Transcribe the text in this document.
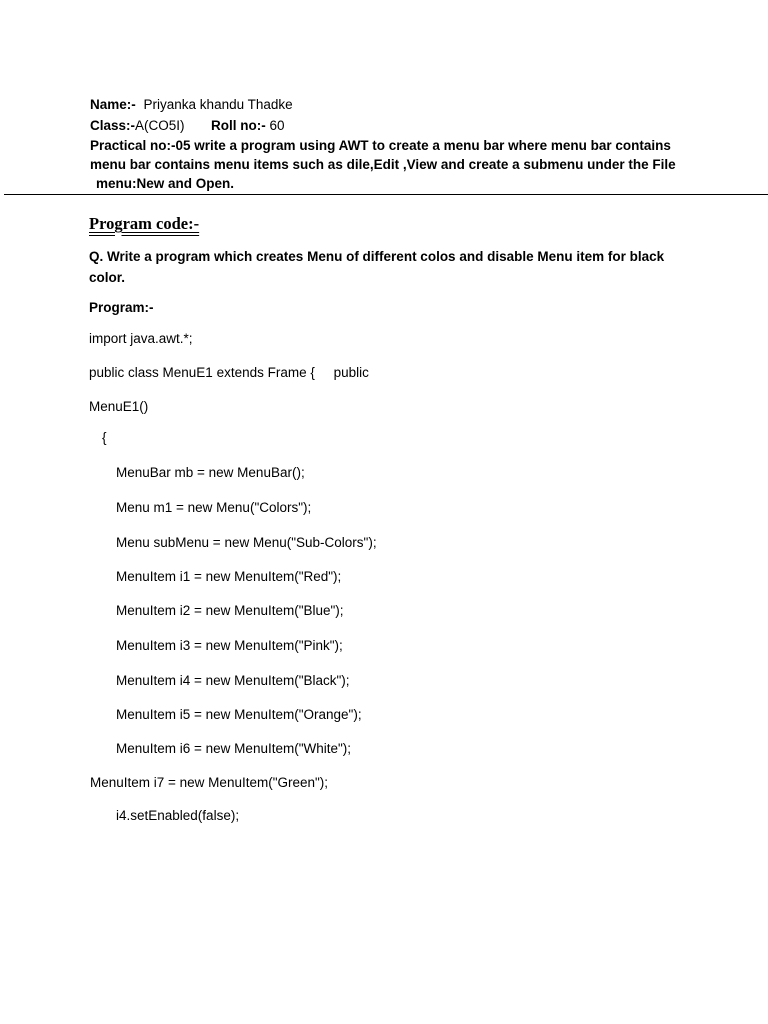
Name:- Priyanka khandu Thadke
Class:-A(CO5I) Roll no:- 60
Practical no:-05 write a program using AWT to create a menu bar where menu bar contains
menu bar contains menu items such as dile,Edit ,View and create a submenu under the File
menu:New and Open.
Program code:-
Q. Write a program which creates Menu of different colos and disable Menu item for black
color.
Program:-
import java.awt.*;
public class MenuE1 extends Frame {     public
MenuE1()
{
MenuBar mb = new MenuBar();
Menu m1 = new Menu("Colors");
Menu subMenu = new Menu("Sub-Colors");
MenuItem i1 = new MenuItem("Red");
MenuItem i2 = new MenuItem("Blue");
MenuItem i3 = new MenuItem("Pink");
MenuItem i4 = new MenuItem("Black");
MenuItem i5 = new MenuItem("Orange");
MenuItem i6 = new MenuItem("White");
MenuItem i7 = new MenuItem("Green");
i4.setEnabled(false);
